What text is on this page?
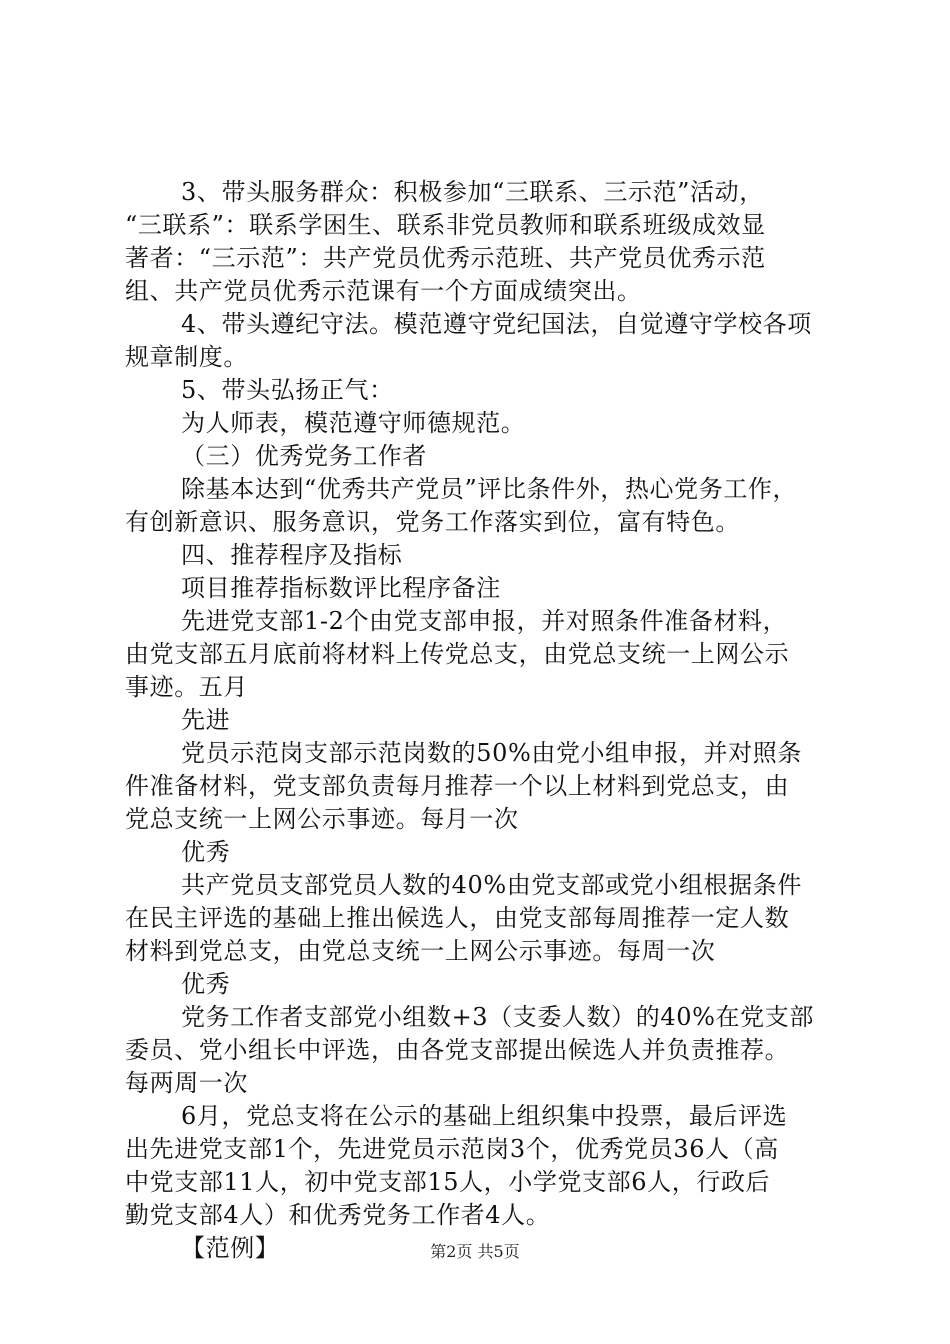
3、带头服务群众：积极参加“三联系、三示范”活动，
“三联系”：联系学困生、联系非党员教师和联系班级成效显
著者：“三示范”：共产党员优秀示范班、共产党员优秀示范
组、共产党员优秀示范课有一个方面成绩突出。
4、带头遵纪守法。模范遵守党纪国法，自觉遵守学校各项
规章制度。
5、带头弘扬正气：
为人师表，模范遵守师德规范。
（三）优秀党务工作者
除基本达到“优秀共产党员”评比条件外，热心党务工作，
有创新意识、服务意识，党务工作落实到位，富有特色。
四、推荐程序及指标
项目推荐指标数评比程序备注
先进党支部1-2个由党支部申报，并对照条件准备材料，
由党支部五月底前将材料上传党总支，由党总支统一上网公示
事迹。五月
先进
党员示范岗支部示范岗数的50%由党小组申报，并对照条
件准备材料，党支部负责每月推荐一个以上材料到党总支，由
党总支统一上网公示事迹。每月一次
优秀
共产党员支部党员人数的40%由党支部或党小组根据条件
在民主评选的基础上推出候选人，由党支部每周推荐一定人数
材料到党总支，由党总支统一上网公示事迹。每周一次
优秀
党务工作者支部党小组数+3（支委人数）的40%在党支部
委员、党小组长中评选，由各党支部提出候选人并负责推荐。
每两周一次
6月，党总支将在公示的基础上组织集中投票，最后评选
出先进党支部1个，先进党员示范岗3个，优秀党员36人（高
中党支部11人，初中党支部15人，小学党支部6人，行政后
勤党支部4人）和优秀党务工作者4人。
【范例】	第2页 共5页
